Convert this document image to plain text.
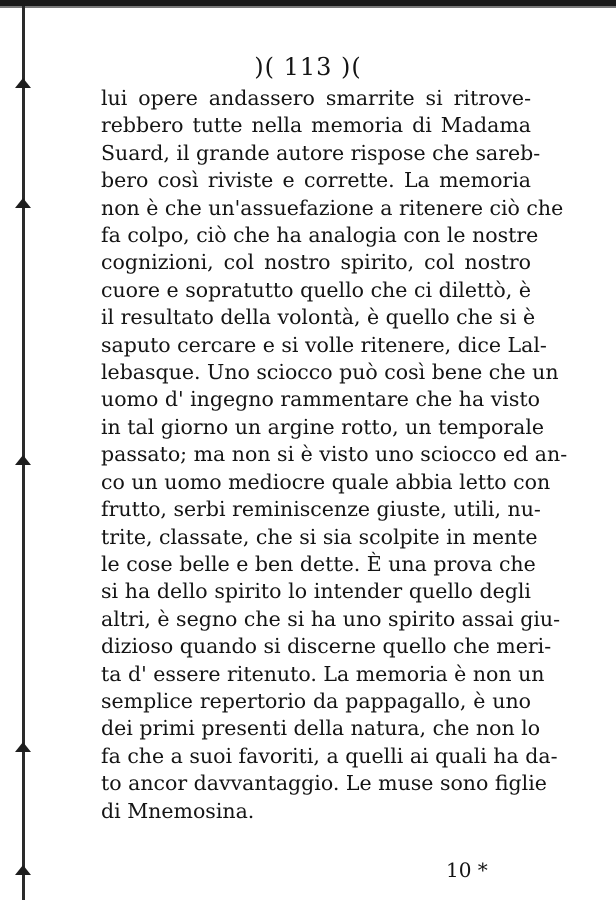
)( 113 )(
lui opere andassero smarrite si ritrove-
rebbero tutte nella memoria di Madama
Suard, il grande autore rispose che sareb-
bero così riviste e corrette. La memoria
non è che un'assuefazione a ritenere ciò che
fa colpo, ciò che ha analogia con le nostre
cognizioni, col nostro spirito, col nostro
cuore e sopratutto quello che ci dilettò, è
il resultato della volontà, è quello che si è
saputo cercare e si volle ritenere, dice Lal-
lebasque. Uno sciocco può così bene che un
uomo d' ingegno rammentare che ha visto
in tal giorno un argine rotto, un temporale
passato; ma non si è visto uno sciocco ed an-
co un uomo mediocre quale abbia letto con
frutto, serbi reminiscenze giuste, utili, nu-
trite, classate, che si sia scolpite in mente
le cose belle e ben dette. È una prova che
si ha dello spirito lo intender quello degli
altri, è segno che si ha uno spirito assai giu-
dizioso quando si discerne quello che meri-
ta d' essere ritenuto. La memoria è non un
semplice repertorio da pappagallo, è uno
dei primi presenti della natura, che non lo
fa che a suoi favoriti, a quelli ai quali ha da-
to ancor davvantaggio. Le muse sono figlie
di Mnemosina.
10 *
